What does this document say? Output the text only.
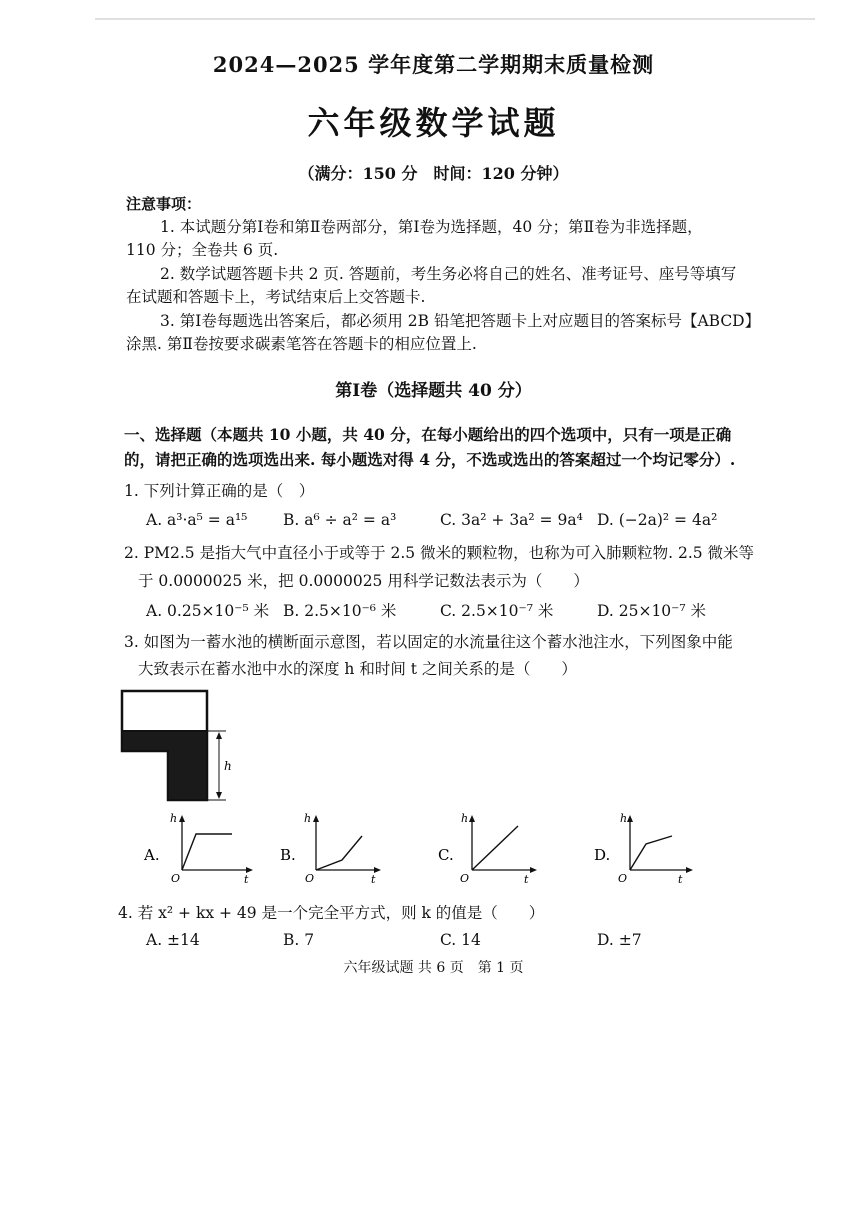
2024—2025 学年度第二学期期末质量检测
六年级数学试题
（满分：150 分　时间：120 分钟）
注意事项：
1. 本试题分第Ⅰ卷和第Ⅱ卷两部分，第Ⅰ卷为选择题，40 分；第Ⅱ卷为非选择题，
110 分；全卷共 6 页.
2. 数学试题答题卡共 2 页. 答题前，考生务必将自己的姓名、准考证号、座号等填写
在试题和答题卡上，考试结束后上交答题卡.
3. 第Ⅰ卷每题选出答案后，都必须用 2B 铅笔把答题卡上对应题目的答案标号【ABCD】
涂黑. 第Ⅱ卷按要求碳素笔答在答题卡的相应位置上.
第Ⅰ卷（选择题共 40 分）
一、选择题（本题共 10 小题，共 40 分，在每小题给出的四个选项中，只有一项是正确
的，请把正确的选项选出来. 每小题选对得 4 分，不选或选出的答案超过一个均记零分）.
1. 下列计算正确的是（　）
A. a³·a⁵ = a¹⁵ B. a⁶ ÷ a² = a³	C. 3a² + 3a² = 9a⁴ D. (−2a)² = 4a²
2. PM2.5 是指大气中直径小于或等于 2.5 微米的颗粒物，也称为可入肺颗粒物. 2.5 微米等
于 0.0000025 米，把 0.0000025 用科学记数法表示为（　　）
A. 0.25×10⁻⁵ 米 B. 2.5×10⁻⁶ 米	C. 2.5×10⁻⁷ 米	D. 25×10⁻⁷ 米
3. 如图为一蓄水池的横断面示意图，若以固定的水流量往这个蓄水池注水，下列图象中能
大致表示在蓄水池中水的深度 h 和时间 t 之间关系的是（　　）
h
A.
h
t
O
B.
h
t
O
C.
h
t
O
D.
h
t
O
4. 若 x² + kx + 49 是一个完全平方式，则 k 的值是（　　）
A. ±14	B. 7	C. 14	D. ±7
六年级试题 共 6 页　第 1 页
